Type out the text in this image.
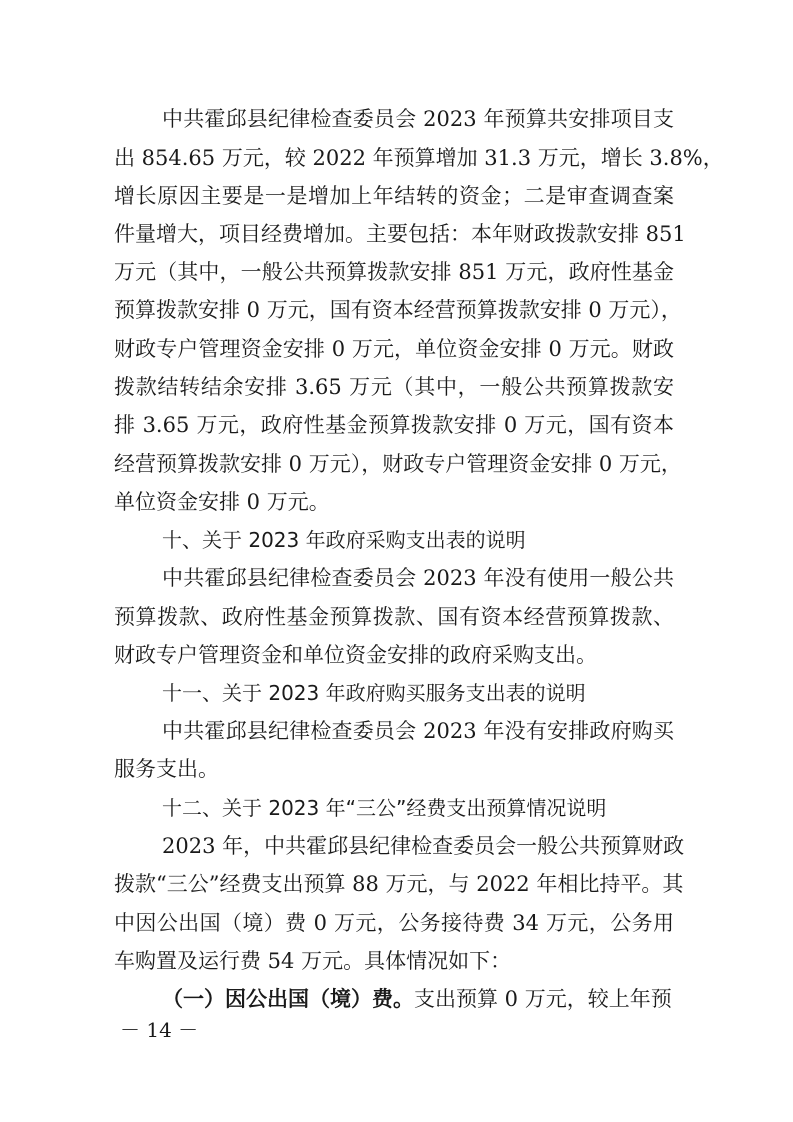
中共霍邱县纪律检查委员会 2023 年预算共安排项目支
出 854.65 万元，较 2022 年预算增加 31.3 万元，增长 3.8%，
增长原因主要是一是增加上年结转的资金；二是审查调查案
件量增大，项目经费增加。主要包括：本年财政拨款安排 851
万元（其中，一般公共预算拨款安排 851 万元，政府性基金
预算拨款安排 0 万元，国有资本经营预算拨款安排 0 万元），
财政专户管理资金安排 0 万元，单位资金安排 0 万元。财政
拨款结转结余安排 3.65 万元（其中，一般公共预算拨款安
排 3.65 万元，政府性基金预算拨款安排 0 万元，国有资本
经营预算拨款安排 0 万元），财政专户管理资金安排 0 万元，
单位资金安排 0 万元。
十、关于 2023 年政府采购支出表的说明
中共霍邱县纪律检查委员会 2023 年没有使用一般公共
预算拨款、政府性基金预算拨款、国有资本经营预算拨款、
财政专户管理资金和单位资金安排的政府采购支出。
十一、关于 2023 年政府购买服务支出表的说明
中共霍邱县纪律检查委员会 2023 年没有安排政府购买
服务支出。
十二、关于 2023 年“三公”经费支出预算情况说明
2023 年，中共霍邱县纪律检查委员会一般公共预算财政
拨款“三公”经费支出预算 88 万元，与 2022 年相比持平。其
中因公出国（境）费 0 万元，公务接待费 34 万元，公务用
车购置及运行费 54 万元。具体情况如下：
（一）因公出国（境）费。支出预算 0 万元，较上年预
－ 14 －
